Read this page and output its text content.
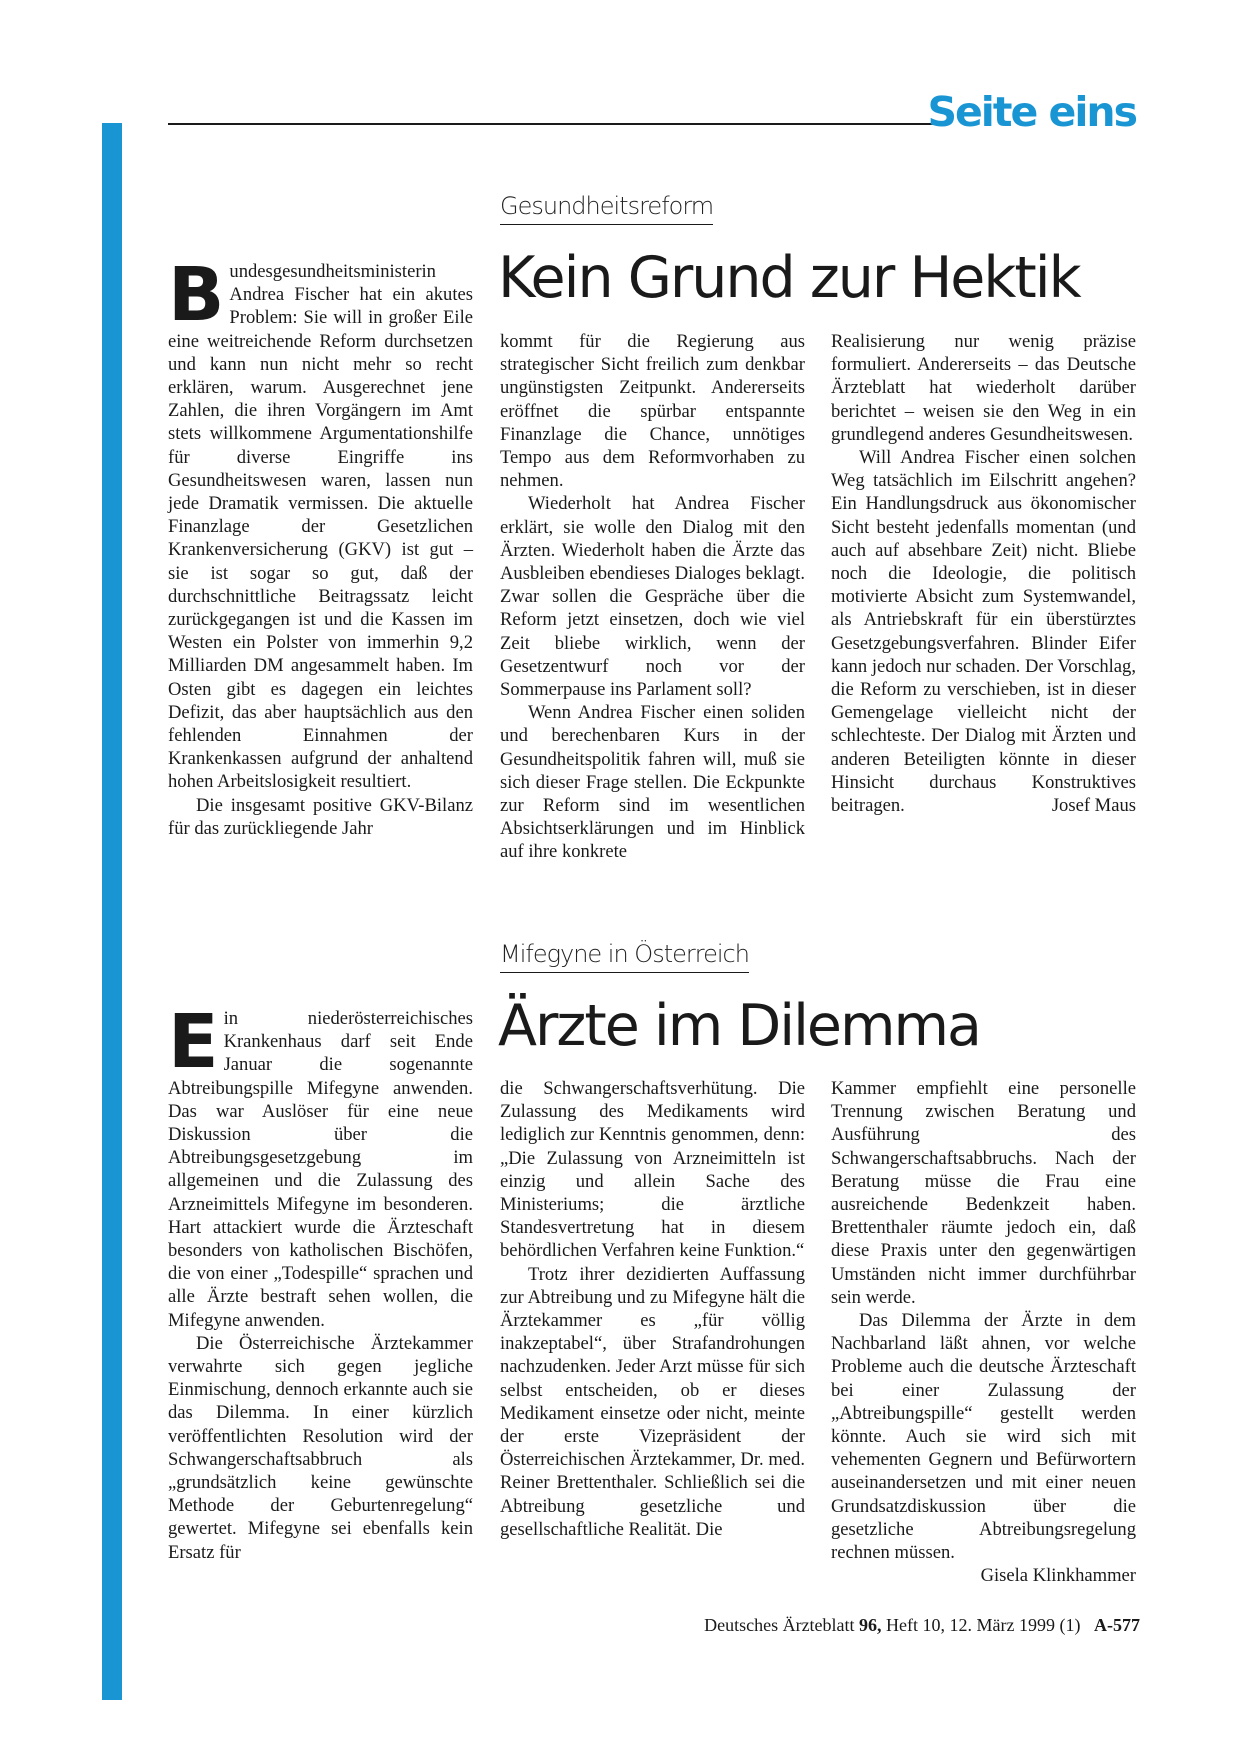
Seite eins
Gesundheitsreform
Kein Grund zur Hektik
B undesgesundheitsministerin Andrea Fischer hat ein akutes Problem: Sie will in großer Eile eine weitreichende Reform durchsetzen und kann nun nicht mehr so recht erklären, warum. Ausgerechnet jene Zahlen, die ihren Vorgängern im Amt stets willkommene Argumentationshilfe für diverse Eingriffe ins Gesundheitswesen waren, lassen nun jede Dramatik vermissen. Die aktuelle Finanzlage der Gesetzlichen Krankenversicherung (GKV) ist gut – sie ist sogar so gut, daß der durchschnittliche Beitragssatz leicht zurückgegangen ist und die Kassen im Westen ein Polster von immerhin 9,2 Milliarden DM angesammelt haben. Im Osten gibt es dagegen ein leichtes Defizit, das aber hauptsächlich aus den fehlenden Einnahmen der Krankenkassen aufgrund der anhaltend hohen Arbeitslosigkeit resultiert.

Die insgesamt positive GKV-Bilanz für das zurückliegende Jahr

kommt für die Regierung aus strategischer Sicht freilich zum denkbar ungünstigsten Zeitpunkt. Andererseits eröffnet die spürbar entspannte Finanzlage die Chance, unnötiges Tempo aus dem Reformvorhaben zu nehmen.

Wiederholt hat Andrea Fischer erklärt, sie wolle den Dialog mit den Ärzten. Wiederholt haben die Ärzte das Ausbleiben ebendieses Dialoges beklagt. Zwar sollen die Gespräche über die Reform jetzt einsetzen, doch wie viel Zeit bliebe wirklich, wenn der Gesetzentwurf noch vor der Sommerpause ins Parlament soll?

Wenn Andrea Fischer einen soliden und berechenbaren Kurs in der Gesundheitspolitik fahren will, muß sie sich dieser Frage stellen. Die Eckpunkte zur Reform sind im wesentlichen Absichtserklärungen und im Hinblick auf ihre konkrete

Realisierung nur wenig präzise formuliert. Andererseits – das Deutsche Ärzteblatt hat wiederholt darüber berichtet – weisen sie den Weg in ein grundlegend anderes Gesundheitswesen.

Will Andrea Fischer einen solchen Weg tatsächlich im Eilschritt angehen? Ein Handlungsdruck aus ökonomischer Sicht besteht jedenfalls momentan (und auch auf absehbare Zeit) nicht. Bliebe noch die Ideologie, die politisch motivierte Absicht zum Systemwandel, als Antriebskraft für ein überstürztes Gesetzgebungsverfahren. Blinder Eifer kann jedoch nur schaden. Der Vorschlag, die Reform zu verschieben, ist in dieser Gemengelage vielleicht nicht der schlechteste. Der Dialog mit Ärzten und anderen Beteiligten könnte in dieser Hinsicht durchaus Konstruktives beitragen.	Josef Maus

Mifegyne in Österreich
Ärzte im Dilemma
E in niederösterreichisches Krankenhaus darf seit Ende Januar die sogenannte Abtreibungspille Mifegyne anwenden. Das war Auslöser für eine neue Diskussion über die Abtreibungsgesetzgebung im allgemeinen und die Zulassung des Arzneimittels Mifegyne im besonderen. Hart attackiert wurde die Ärzteschaft besonders von katholischen Bischöfen, die von einer „Todespille“ sprachen und alle Ärzte bestraft sehen wollen, die Mifegyne anwenden.

Die Österreichische Ärztekammer verwahrte sich gegen jegliche Einmischung, dennoch erkannte auch sie das Dilemma. In einer kürzlich veröffentlichten Resolution wird der Schwangerschaftsabbruch als „grundsätzlich keine gewünschte Methode der Geburtenregelung“ gewertet. Mifegyne sei ebenfalls kein Ersatz für

die Schwangerschaftsverhütung. Die Zulassung des Medikaments wird lediglich zur Kenntnis genommen, denn: „Die Zulassung von Arzneimitteln ist einzig und allein Sache des Ministeriums; die ärztliche Standesvertretung hat in diesem behördlichen Verfahren keine Funktion.“

Trotz ihrer dezidierten Auffassung zur Abtreibung und zu Mifegyne hält die Ärztekammer es „für völlig inakzeptabel“, über Strafandrohungen nachzudenken. Jeder Arzt müsse für sich selbst entscheiden, ob er dieses Medikament einsetze oder nicht, meinte der erste Vizepräsident der Österreichischen Ärztekammer, Dr. med. Reiner Brettenthaler. Schließlich sei die Abtreibung gesetzliche und gesellschaftliche Realität. Die

Kammer empfiehlt eine personelle Trennung zwischen Beratung und Ausführung des Schwangerschaftsabbruchs. Nach der Beratung müsse die Frau eine ausreichende Bedenkzeit haben. Brettenthaler räumte jedoch ein, daß diese Praxis unter den gegenwärtigen Umständen nicht immer durchführbar sein werde.

Das Dilemma der Ärzte in dem Nachbarland läßt ahnen, vor welche Probleme auch die deutsche Ärzteschaft bei einer Zulassung der „Abtreibungspille“ gestellt werden könnte. Auch sie wird sich mit vehementen Gegnern und Befürwortern auseinandersetzen und mit einer neuen Grundsatzdiskussion über die gesetzliche Abtreibungsregelung rechnen müssen.
Gisela Klinkhammer

Deutsches Ärzteblatt 96, Heft 10, 12. März 1999 (1) A-577
